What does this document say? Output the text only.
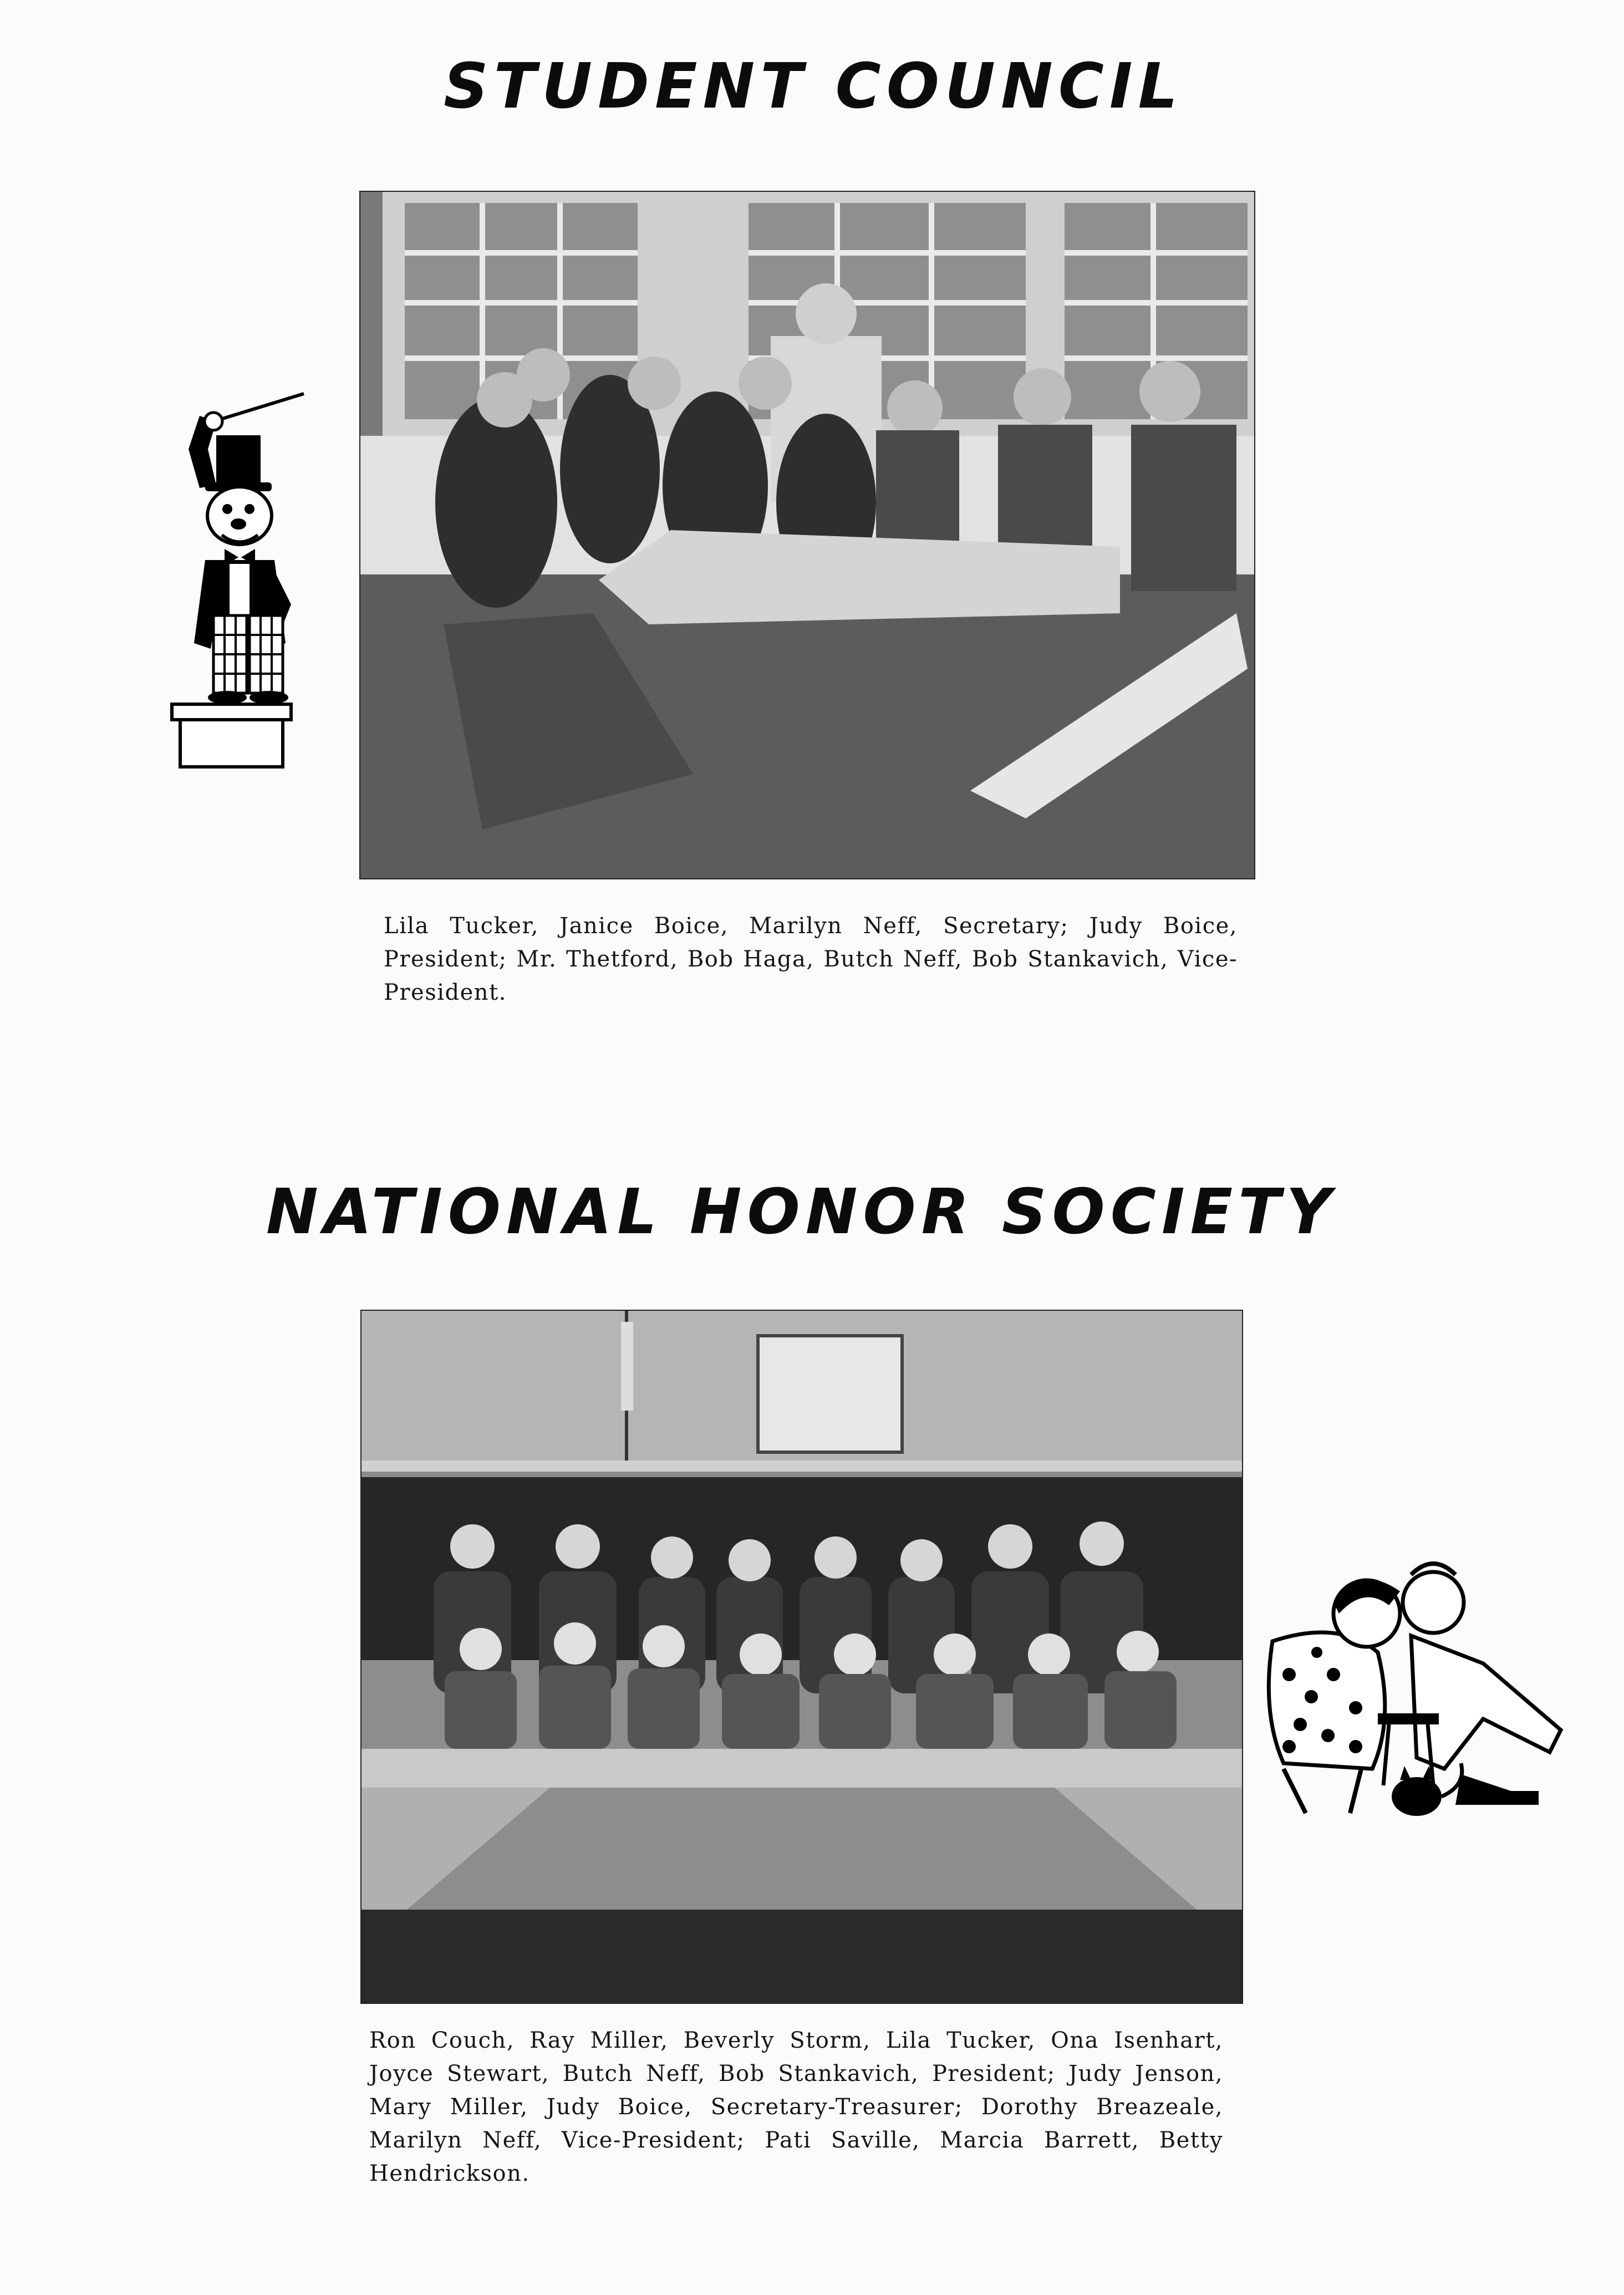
STUDENT COUNCIL

Lila Tucker, Janice Boice, Marilyn Neff, Secretary; Judy Boice, President; Mr. Thetford, Bob Haga, Butch Neff, Bob Stankavich, Vice-President.

NATIONAL HONOR SOCIETY

Ron Couch, Ray Miller, Beverly Storm, Lila Tucker, Ona Isenhart, Joyce Stewart, Butch Neff, Bob Stankavich, President; Judy Jenson, Mary Miller, Judy Boice, Secretary-Treasurer; Dorothy Breazeale, Marilyn Neff, Vice-President; Pati Saville, Marcia Barrett, Betty Hendrickson.
